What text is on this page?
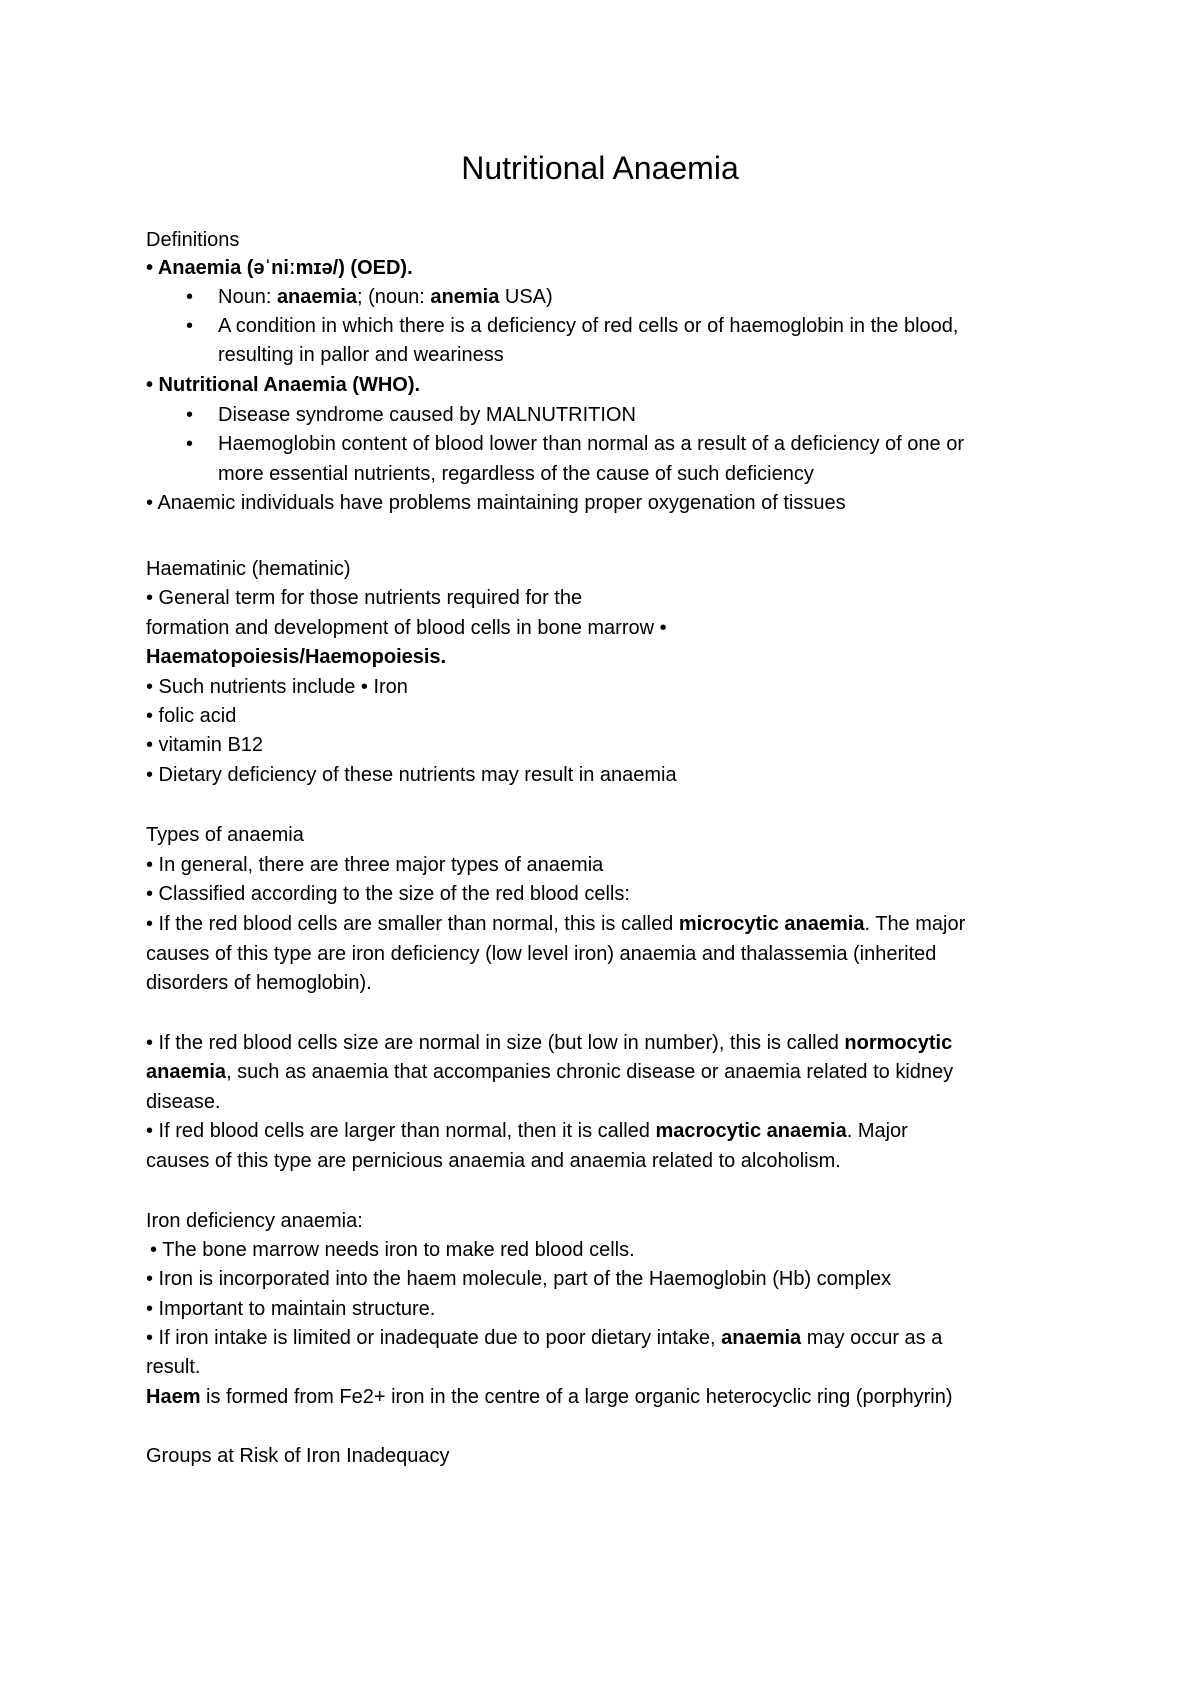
Nutritional Anaemia
Definitions
• Anaemia (əˈniːmɪə/) (OED).
• Noun: anaemia; (noun: anemia USA)
• A condition in which there is a deficiency of red cells or of haemoglobin in the blood,
resulting in pallor and weariness
• Nutritional Anaemia (WHO).
• Disease syndrome caused by MALNUTRITION
• Haemoglobin content of blood lower than normal as a result of a deficiency of one or
more essential nutrients, regardless of the cause of such deficiency
• Anaemic individuals have problems maintaining proper oxygenation of tissues
Haematinic (hematinic)
• General term for those nutrients required for the
formation and development of blood cells in bone marrow •
Haematopoiesis/Haemopoiesis.
• Such nutrients include • Iron
• folic acid
• vitamin B12
• Dietary deficiency of these nutrients may result in anaemia
Types of anaemia
• In general, there are three major types of anaemia
• Classified according to the size of the red blood cells:
• If the red blood cells are smaller than normal, this is called microcytic anaemia. The major
causes of this type are iron deficiency (low level iron) anaemia and thalassemia (inherited
disorders of hemoglobin).
• If the red blood cells size are normal in size (but low in number), this is called normocytic
anaemia, such as anaemia that accompanies chronic disease or anaemia related to kidney
disease.
• If red blood cells are larger than normal, then it is called macrocytic anaemia. Major
causes of this type are pernicious anaemia and anaemia related to alcoholism.
Iron deficiency anaemia:
• The bone marrow needs iron to make red blood cells.
• Iron is incorporated into the haem molecule, part of the Haemoglobin (Hb) complex
• Important to maintain structure.
• If iron intake is limited or inadequate due to poor dietary intake, anaemia may occur as a
result.
Haem is formed from Fe2+ iron in the centre of a large organic heterocyclic ring (porphyrin)
Groups at Risk of Iron Inadequacy
